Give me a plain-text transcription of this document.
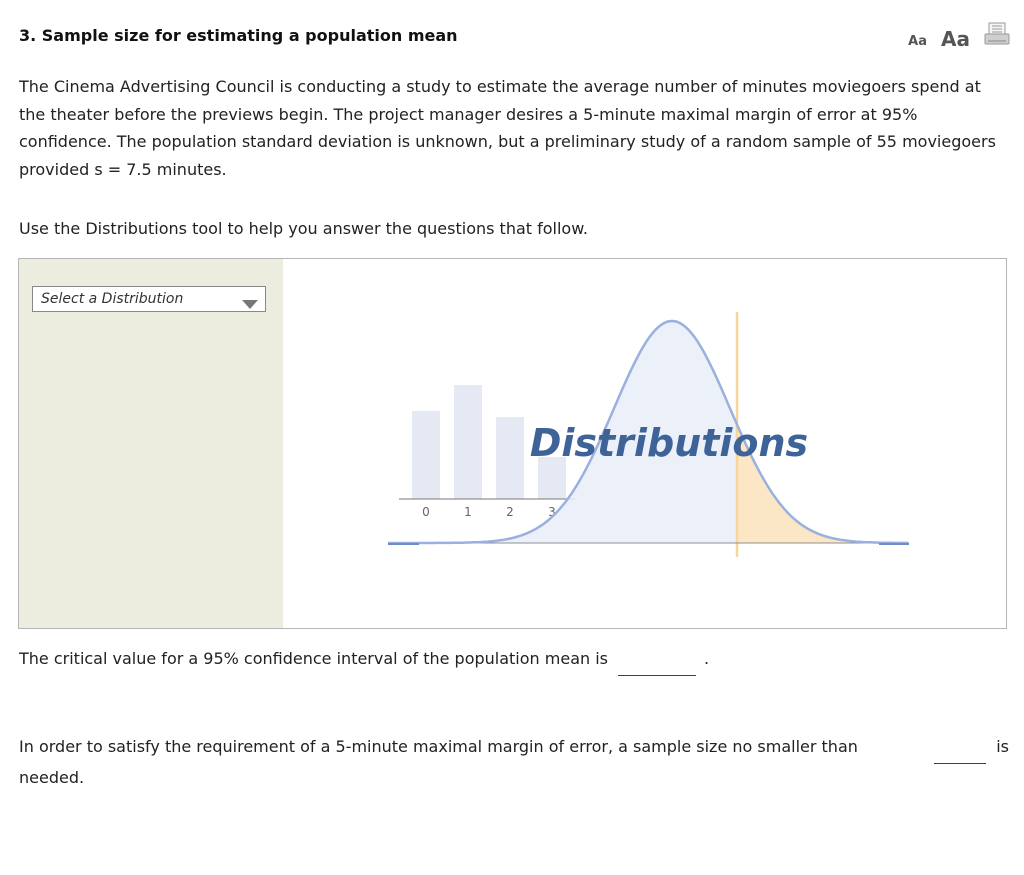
3. Sample size for estimating a population mean	Aa Aa
The Cinema Advertising Council is conducting a study to estimate the average number of minutes moviegoers spend at the theater before the previews begin. The project manager desires a 5-minute maximal margin of error at 95% confidence. The population standard deviation is unknown, but a preliminary study of a random sample of 55 moviegoers provided s = 7.5 minutes.
Use the Distributions tool to help you answer the questions that follow.
Select a Distribution
0	1	2	3
Distributions
The critical value for a 95% confidence interval of the population mean is	.
In order to satisfy the requirement of a 5-minute maximal margin of error, a sample size no smaller than	is
needed.
